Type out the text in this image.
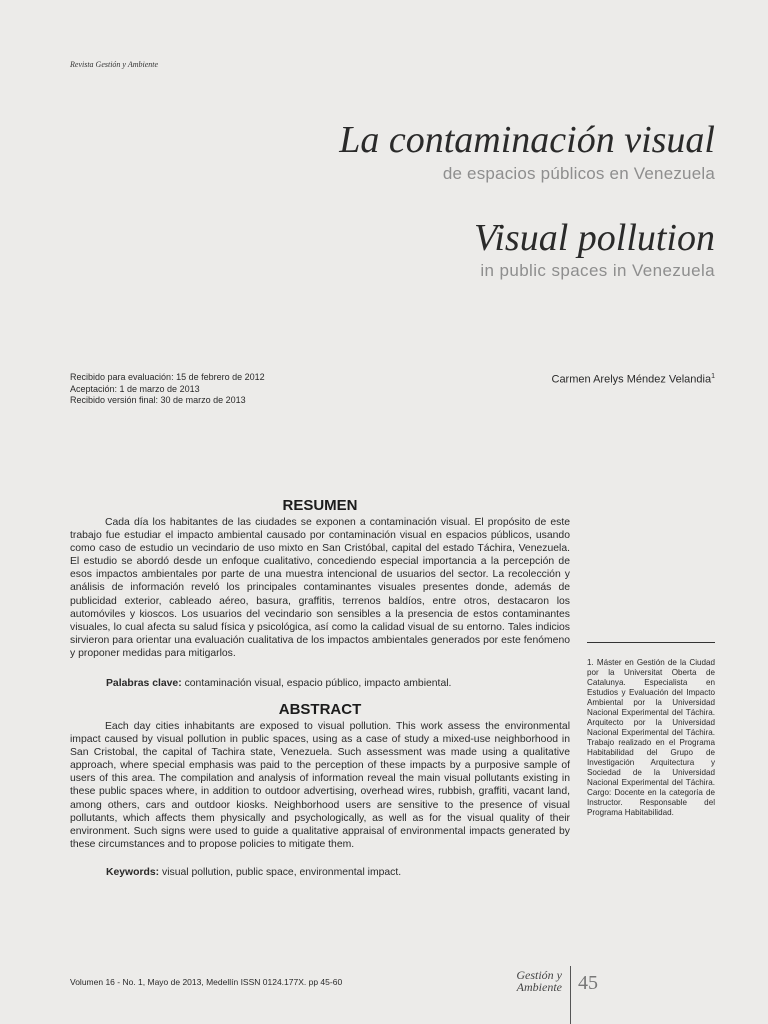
Revista Gestión y Ambiente
La contaminación visual
de espacios públicos en Venezuela
Visual pollution
in public spaces in Venezuela
Recibido para evaluación: 15 de febrero de 2012
Aceptación: 1 de marzo de 2013
Recibido versión final: 30 de marzo de 2013
Carmen Arelys Méndez Velandia$^1$
RESUMEN

Cada día los habitantes de las ciudades se exponen a contaminación visual. El propósito de este trabajo fue estudiar el impacto ambiental causado por contaminación visual en espacios públicos, usando como caso de estudio un vecindario de uso mixto en San Cristóbal, capital del estado Táchira, Venezuela. El estudio se abordó desde un enfoque cualitativo, concediendo especial importancia a la percepción de esos impactos ambientales por parte de una muestra intencional de usuarios del sector. La recolección y análisis de información reveló los principales contaminantes visuales presentes donde, además de publicidad exterior, cableado aéreo, basura, graffitis, terrenos baldíos, entre otros, destacaron los automóviles y kioscos. Los usuarios del vecindario son sensibles a la presencia de estos contaminantes visuales, lo cual afecta su salud física y psicológica, así como la calidad visual de su entorno. Tales indicios sirvieron para orientar una evaluación cualitativa de los impactos ambientales generados por este fenómeno y proponer medidas para mitigarlos.

Palabras clave: contaminación visual, espacio público, impacto ambiental.
ABSTRACT

Each day cities inhabitants are exposed to visual pollution. This work assess the environmental impact caused by visual pollution in public spaces, using as a case of study a mixed-use neighborhood in San Cristobal, the capital of Tachira state, Venezuela. Such assessment was made using a qualitative approach, where special emphasis was paid to the perception of these impacts by a purposive sample of users of this area. The compilation and analysis of information reveal the main visual pollutants existing in these public spaces where, in addition to outdoor advertising, overhead wires, rubbish, graffiti, vacant land, among others, cars and outdoor kiosks. Neighborhood users are sensitive to the presence of visual pollutants, which affects them physically and psychologically, as well as for the visual quality of their environment. Such signs were used to guide a qualitative appraisal of environmental impacts generated by these circumstances and to propose policies to mitigate them.

Keywords: visual pollution, public space, environmental impact.

1. Máster en Gestión de la Ciudad por la Universitat Oberta de Catalunya. Especialista en Estudios y Evaluación del Impacto Ambiental por la Universidad Nacional Experimental del Táchira. Arquitecto por la Universidad Nacional Experimental del Táchira. Trabajo realizado en el Programa Habitabilidad del Grupo de Investigación Arquitectura y Sociedad de la Universidad Nacional Experimental del Táchira. Cargo: Docente en la categoría de Instructor. Responsable del Programa Habitabilidad.

Volumen 16 - No. 1, Mayo de 2013, Medellín ISSN 0124.177X. pp 45-60	Gestión y
Ambiente 45
